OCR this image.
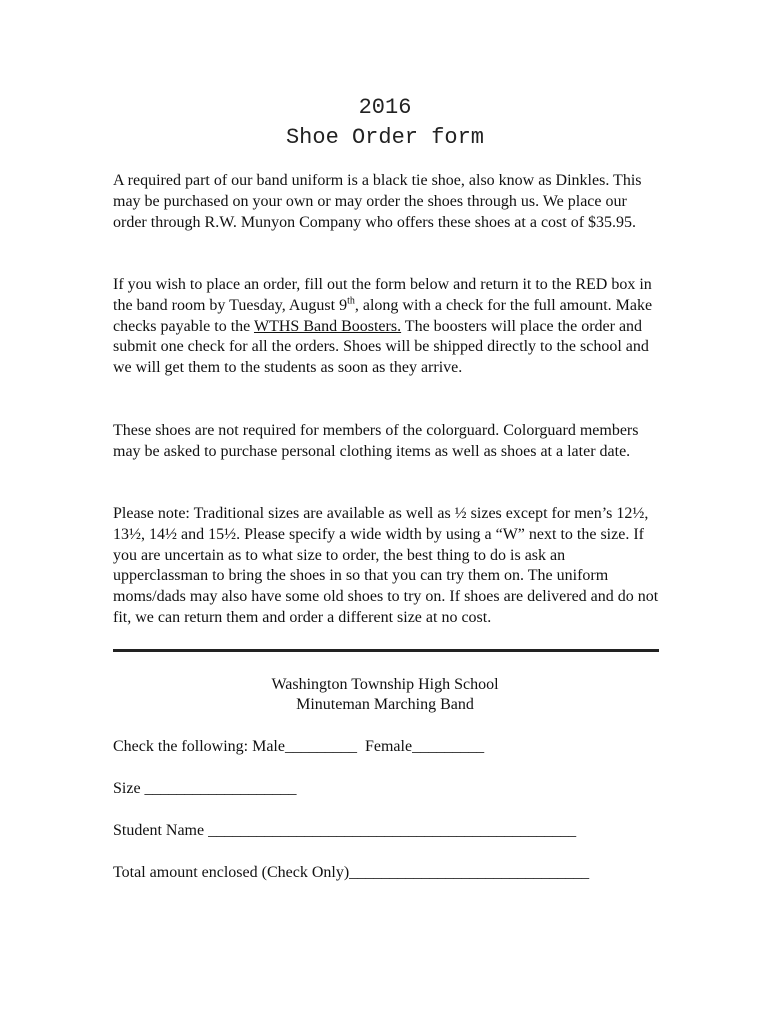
2016
Shoe Order form
A required part of our band uniform is a black tie shoe, also know as Dinkles. This may be purchased on your own or may order the shoes through us. We place our order through R.W. Munyon Company who offers these shoes at a cost of $35.95.
If you wish to place an order, fill out the form below and return it to the RED box in the band room by Tuesday, August 9th, along with a check for the full amount. Make checks payable to the WTHS Band Boosters. The boosters will place the order and submit one check for all the orders. Shoes will be shipped directly to the school and we will get them to the students as soon as they arrive.
These shoes are not required for members of the colorguard. Colorguard members may be asked to purchase personal clothing items as well as shoes at a later date.
Please note: Traditional sizes are available as well as ½ sizes except for men’s 12½, 13½, 14½ and 15½. Please specify a wide width by using a “W” next to the size. If you are uncertain as to what size to order, the best thing to do is ask an upperclassman to bring the shoes in so that you can try them on. The uniform moms/dads may also have some old shoes to try on. If shoes are delivered and do not fit, we can return them and order a different size at no cost.
Washington Township High School
Minuteman Marching Band
Check the following: Male_________  Female_________
Size ___________________
Student Name ______________________________________________
Total amount enclosed (Check Only)______________________________
